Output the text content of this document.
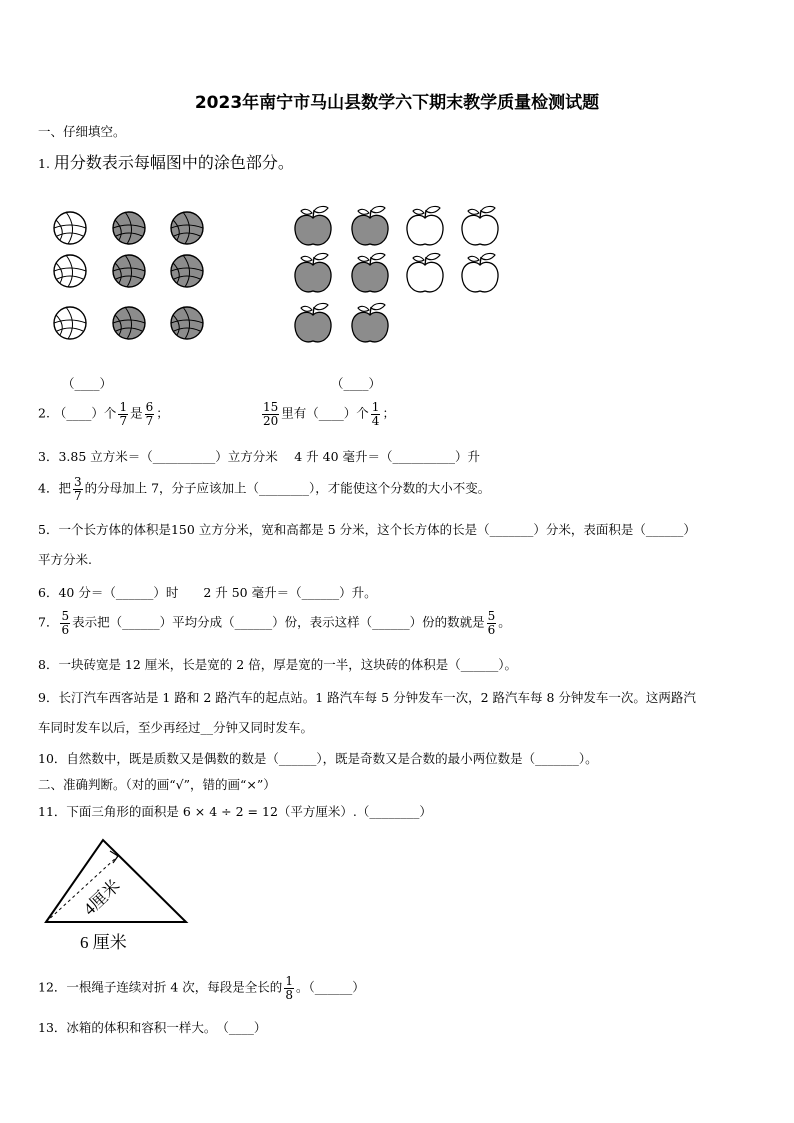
2023年南宁市马山县数学六下期末教学质量检测试题
一、仔细填空。
1. 用分数表示每幅图中的涂色部分。
（____）	（____）
2. （____）个 $\frac{1}{7}$ 是 $\frac{6}{7}$ ；	$\frac{15}{20}$ 里有（____）个 $\frac{1}{4}$ ；
3．3.85 立方米＝（__________）立方分米　 4 升 40 毫升＝（__________）升
4．把 $\frac{3}{7}$ 的分母加上 7，分子应该加上（________），才能使这个分数的大小不变。
5．一个长方体的体积是150 立方分米，宽和高都是 5 分米，这个长方体的长是（_______）分米，表面积是（______）
平方分米.
6．40 分＝（______）时　　2 升 50 毫升＝（______）升。
7． $\frac{5}{6}$ 表示把（______）平均分成（______）份，表示这样（______）份的数就是 $\frac{5}{6}$ 。
8．一块砖宽是 12 厘米，长是宽的 2 倍，厚是宽的一半，这块砖的体积是（______）。
9．长汀汽车西客站是 1 路和 2 路汽车的起点站。1 路汽车每 5 分钟发车一次，2 路汽车每 8 分钟发车一次。这两路汽
车同时发车以后，至少再经过__分钟又同时发车。
10．自然数中，既是质数又是偶数的数是（______），既是奇数又是合数的最小两位数是（_______）。
二、准确判断。（对的画“√”，错的画“×”）
11．下面三角形的面积是 6 × 4 ÷ 2 = 12（平方厘米）.（________）
4厘米
6 厘米
12．一根绳子连续对折 4 次，每段是全长的 $\frac{1}{8}$ 。（______）
13．冰箱的体积和容积一样大。　（____）
